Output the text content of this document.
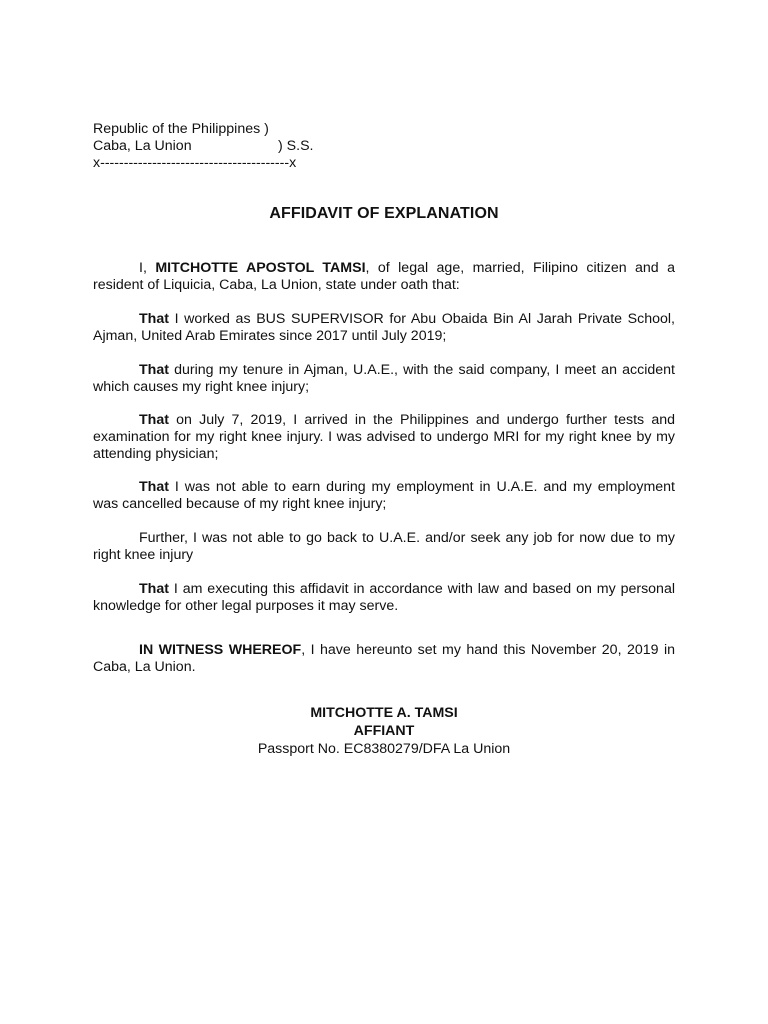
Republic of the Philippines )
Caba, La Union	) S.S.
x----------------------------------------x
AFFIDAVIT OF EXPLANATION

I, MITCHOTTE APOSTOL TAMSI, of legal age, married, Filipino citizen and a resident of Liquicia, Caba, La Union, state under oath that:

That I worked as BUS SUPERVISOR for Abu Obaida Bin Al Jarah Private School, Ajman, United Arab Emirates since 2017 until July 2019;

That during my tenure in Ajman, U.A.E., with the said company, I meet an accident which causes my right knee injury;

That on July 7, 2019, I arrived in the Philippines and undergo further tests and examination for my right knee injury. I was advised to undergo MRI for my right knee by my attending physician;

That I was not able to earn during my employment in U.A.E. and my employment was cancelled because of my right knee injury;

Further, I was not able to go back to U.A.E. and/or seek any job for now due to my right knee injury

That I am executing this affidavit in accordance with law and based on my personal knowledge for other legal purposes it may serve.

IN WITNESS WHEREOF, I have hereunto set my hand this November 20, 2019 in Caba, La Union.

MITCHOTTE A. TAMSI
AFFIANT
Passport No. EC8380279/DFA La Union
